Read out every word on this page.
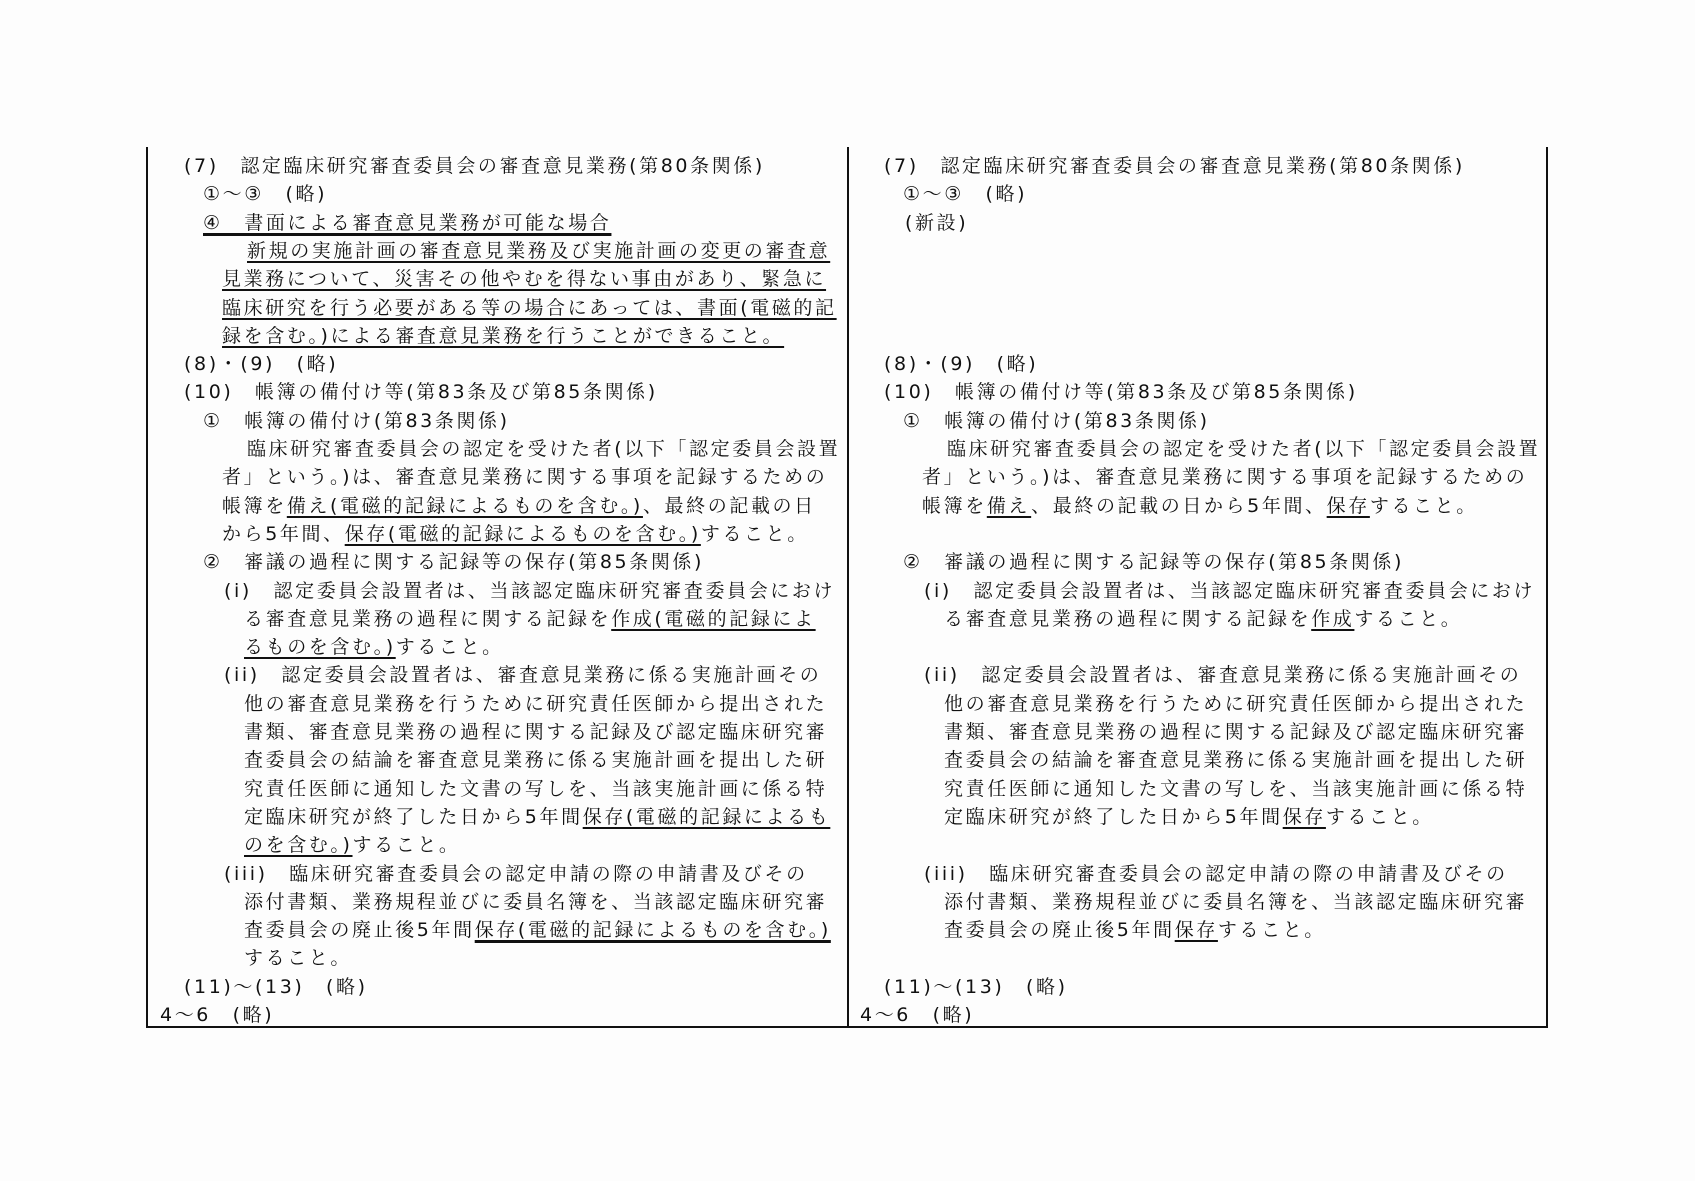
(7)　認定臨床研究審査委員会の審査意見業務(第80条関係)
①～③　(略)
④　書面による審査意見業務が可能な場合
新規の実施計画の審査意見業務及び実施計画の変更の審査意
見業務について、災害その他やむを得ない事由があり、緊急に
臨床研究を行う必要がある等の場合にあっては、書面(電磁的記
録を含む。)による審査意見業務を行うことができること。
(8)・(9)　(略)
(10)　帳簿の備付け等(第83条及び第85条関係)
①　帳簿の備付け(第83条関係)
臨床研究審査委員会の認定を受けた者(以下「認定委員会設置
者」という。)は、審査意見業務に関する事項を記録するための
帳簿を備え(電磁的記録によるものを含む。)、最終の記載の日
から5年間、保存(電磁的記録によるものを含む。)すること。
②　審議の過程に関する記録等の保存(第85条関係)
(i)　認定委員会設置者は、当該認定臨床研究審査委員会におけ
る審査意見業務の過程に関する記録を作成(電磁的記録によ
るものを含む。)すること。
(ii)　認定委員会設置者は、審査意見業務に係る実施計画その
他の審査意見業務を行うために研究責任医師から提出された
書類、審査意見業務の過程に関する記録及び認定臨床研究審
査委員会の結論を審査意見業務に係る実施計画を提出した研
究責任医師に通知した文書の写しを、当該実施計画に係る特
定臨床研究が終了した日から5年間保存(電磁的記録によるも
のを含む。)すること。
(iii)　臨床研究審査委員会の認定申請の際の申請書及びその
添付書類、業務規程並びに委員名簿を、当該認定臨床研究審
査委員会の廃止後5年間保存(電磁的記録によるものを含む。)
すること。
(11)～(13)　(略)
4～6　(略)
(7)　認定臨床研究審査委員会の審査意見業務(第80条関係)
①～③　(略)
(新設)
(8)・(9)　(略)
(10)　帳簿の備付け等(第83条及び第85条関係)
①　帳簿の備付け(第83条関係)
臨床研究審査委員会の認定を受けた者(以下「認定委員会設置
者」という。)は、審査意見業務に関する事項を記録するための
帳簿を備え、最終の記載の日から5年間、保存すること。
②　審議の過程に関する記録等の保存(第85条関係)
(i)　認定委員会設置者は、当該認定臨床研究審査委員会におけ
る審査意見業務の過程に関する記録を作成すること。
(ii)　認定委員会設置者は、審査意見業務に係る実施計画その
他の審査意見業務を行うために研究責任医師から提出された
書類、審査意見業務の過程に関する記録及び認定臨床研究審
査委員会の結論を審査意見業務に係る実施計画を提出した研
究責任医師に通知した文書の写しを、当該実施計画に係る特
定臨床研究が終了した日から5年間保存すること。
(iii)　臨床研究審査委員会の認定申請の際の申請書及びその
添付書類、業務規程並びに委員名簿を、当該認定臨床研究審
査委員会の廃止後5年間保存すること。
(11)～(13)　(略)
4～6　(略)
